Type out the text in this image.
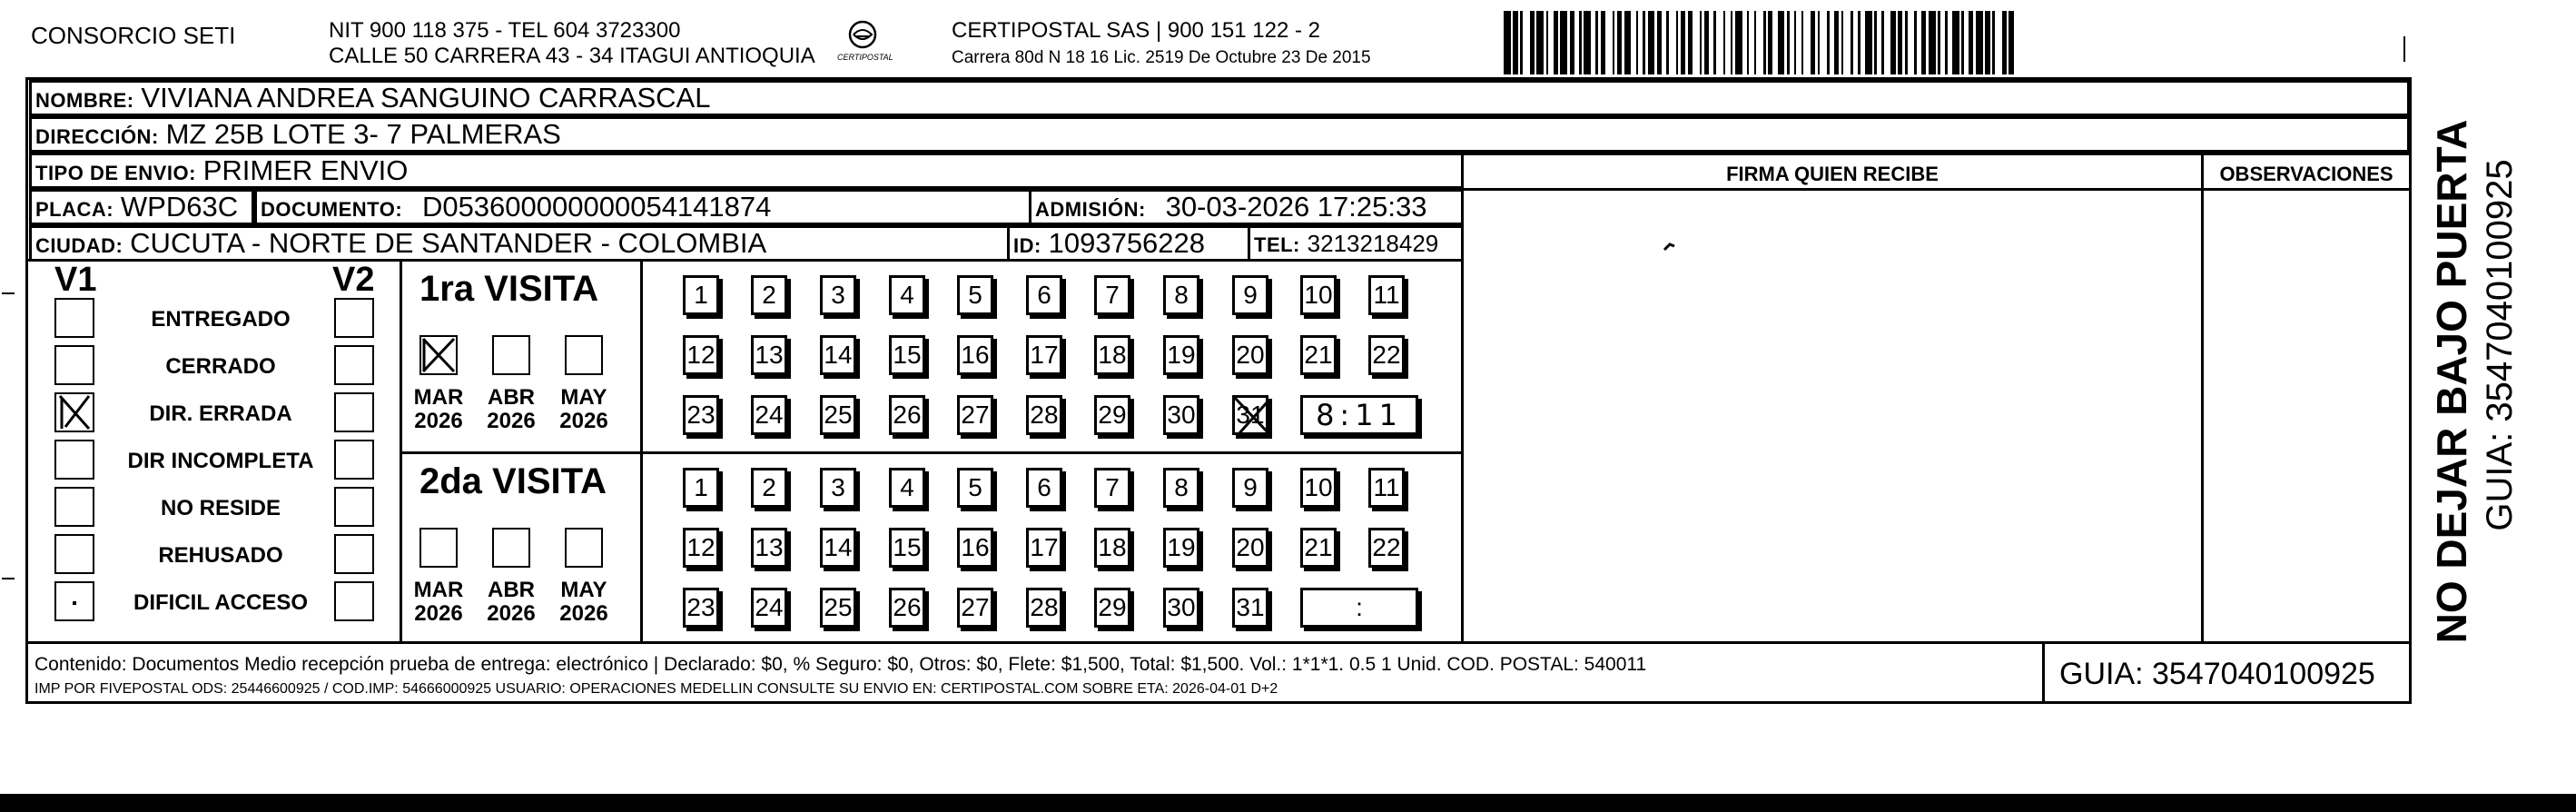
CONSORCIO SETI	NIT 900 118 375 - TEL 604 3723300
CALLE 50 CARRERA 43 - 34 ITAGUI ANTIOQUIA	CERTIPOSTAL
CERTIPOSTAL SAS | 900 151 122 - 2
Carrera 80d N 18 16 Lic. 2519 De Octubre 23 De 2015
NOMBRE: VIVIANA ANDREA SANGUINO CARRASCAL
DIRECCIÓN: MZ 25B LOTE 3- 7 PALMERAS
TIPO DE ENVIO: PRIMER ENVIO
PLACA: WPD63C	DOCUMENTO: D053600000000054141874	ADMISIÓN: 30-03-2026 17:25:33
CIUDAD: CUCUTA - NORTE DE SANTANDER - COLOMBIA	ID: 1093756228	TEL: 3213218429
FIRMA QUIEN RECIBE	OBSERVACIONES
V1	V2
ENTREGADO
CERRADO
DIR. ERRADA
DIR INCOMPLETA
NO RESIDE
REHUSADO
DIFICIL ACCESO
1ra VISITA
2da VISITA
MAR
2026
ABR
2026
MAY
2026
1	2	3	4	5	6	7	8	9	10 11
12 13 14 15 16 17 18 19 20 21 22
23 24 25 26 27 28 29 30 31	8:11
MAR
2026
ABR
2026
MAY
2026
1	2	3	4	5	6	7	8	9	10 11
12 13 14 15 16 17 18 19 20 21 22
23 24 25 26 27 28 29 30 31	:
Contenido: Documentos Medio recepción prueba de entrega: electrónico | Declarado: $0, % Seguro: $0, Otros: $0, Flete: $1,500, Total: $1,500. Vol.: 1*1*1. 0.5 1 Unid. COD. POSTAL: 540011
IMP POR FIVEPOSTAL ODS: 25446600925 / COD.IMP: 54666000925 USUARIO: OPERACIONES MEDELLIN CONSULTE SU ENVIO EN: CERTIPOSTAL.COM SOBRE ETA: 2026-04-01 D+2	GUIA: 3547040100925
NO DEJAR BAJO PUERTA GUIA: 3547040100925
